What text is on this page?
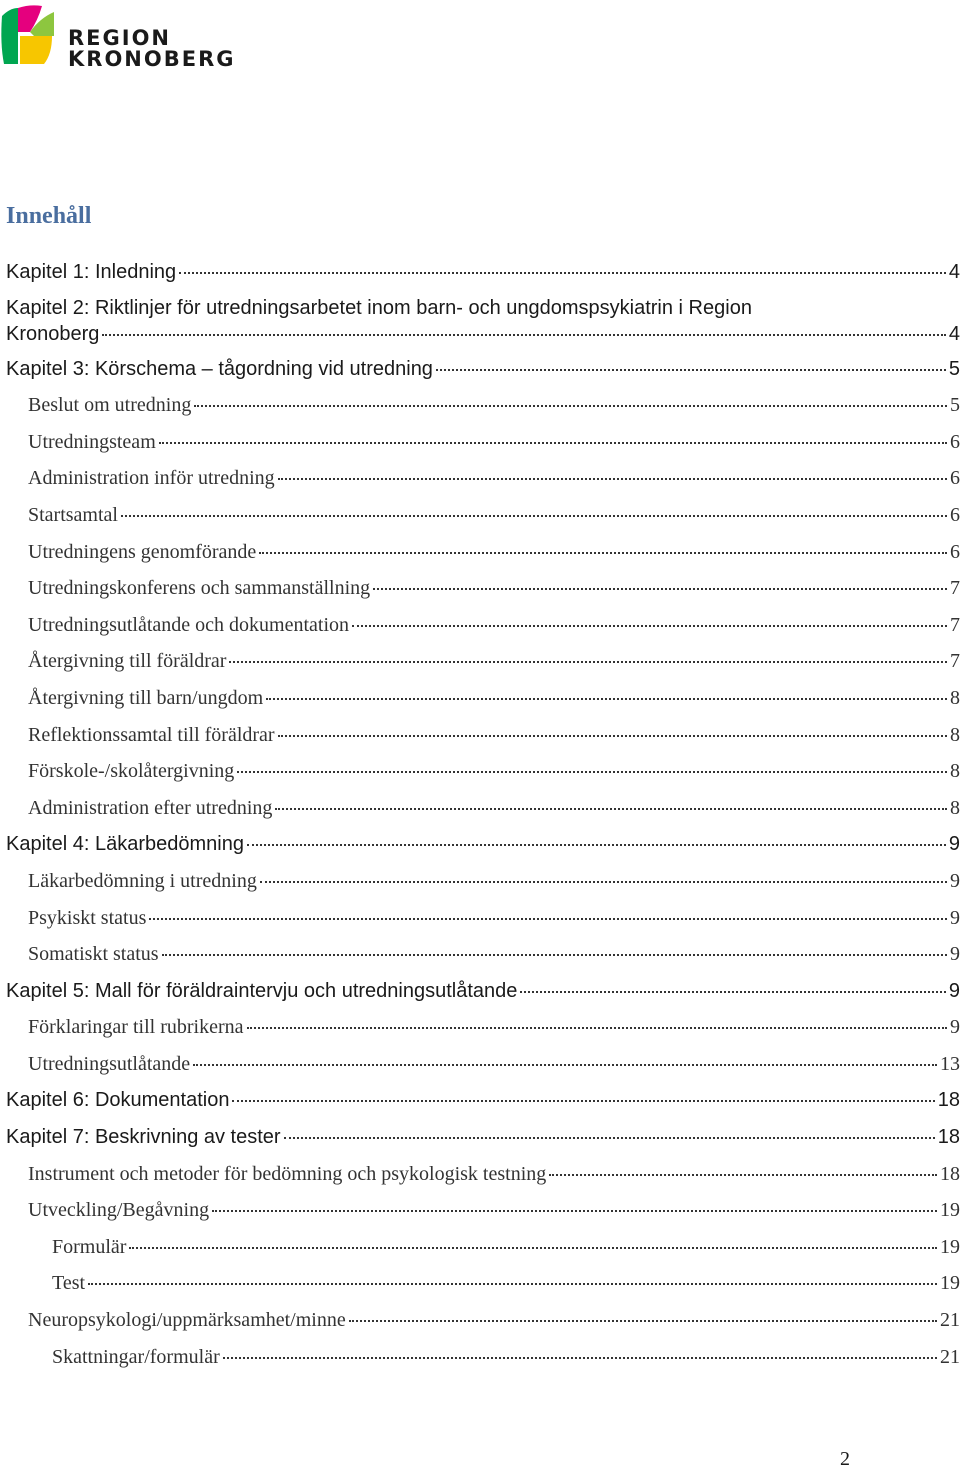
REGION
KRONOBERG
Innehåll
Kapitel 1: Inledning	4
Kapitel 2: Riktlinjer för utredningsarbetet inom barn- och ungdomspsykiatrin i Region
Kronoberg	4
Kapitel 3: Körschema – tågordning vid utredning	5
Beslut om utredning	5
Utredningsteam	6
Administration inför utredning	6
Startsamtal	6
Utredningens genomförande	6
Utredningskonferens och sammanställning	7
Utredningsutlåtande och dokumentation	7
Återgivning till föräldrar	7
Återgivning till barn/ungdom	8
Reflektionssamtal till föräldrar	8
Förskole-/skolåtergivning	8
Administration efter utredning	8
Kapitel 4: Läkarbedömning	9
Läkarbedömning i utredning	9
Psykiskt status	9
Somatiskt status	9
Kapitel 5: Mall för föräldraintervju och utredningsutlåtande	9
Förklaringar till rubrikerna	9
Utredningsutlåtande	13
Kapitel 6: Dokumentation	18
Kapitel 7: Beskrivning av tester	18
Instrument och metoder för bedömning och psykologisk testning	18
Utveckling/Begåvning	19
Formulär	19
Test	19
Neuropsykologi/uppmärksamhet/minne	21
Skattningar/formulär	21
2
